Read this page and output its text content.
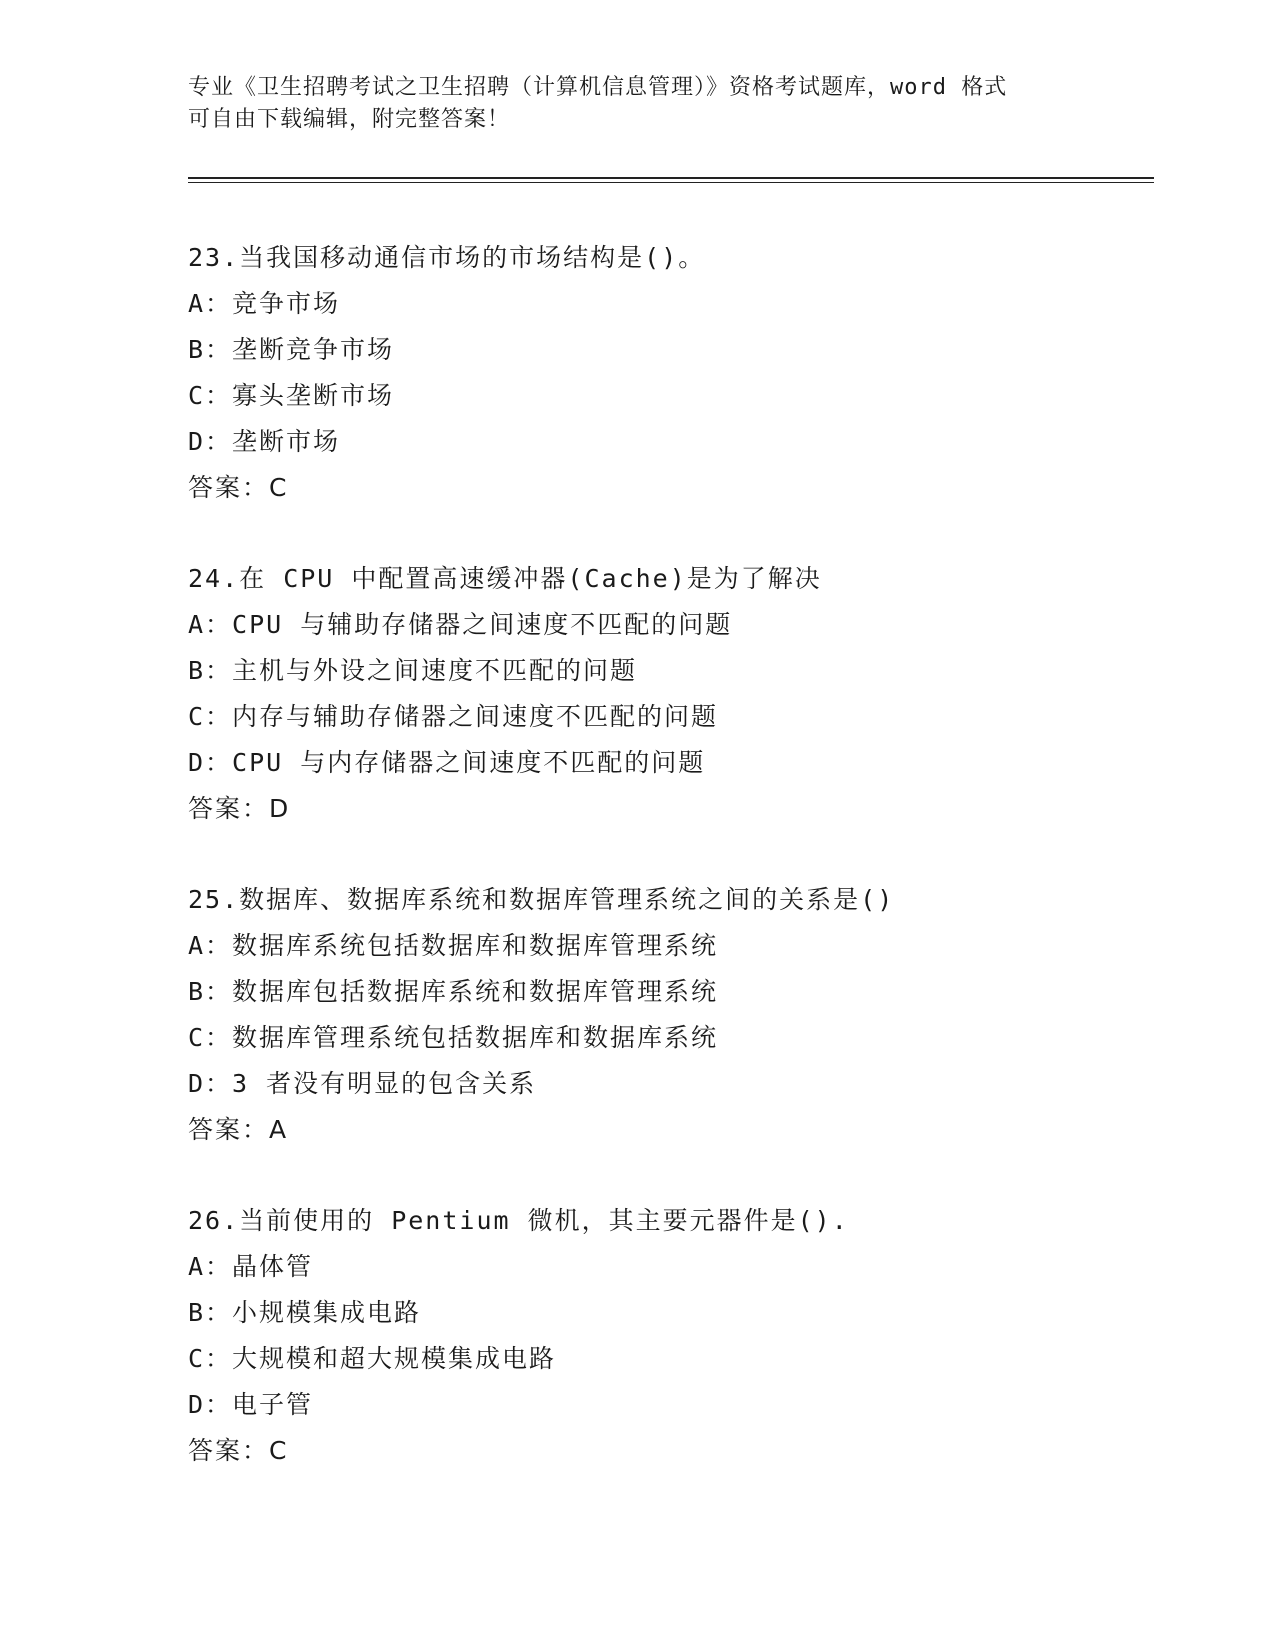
专业《卫生招聘考试之卫生招聘（计算机信息管理）》资格考试题库，word 格式
可自由下载编辑，附完整答案！
23.当我国移动通信市场的市场结构是()。
A：竞争市场
B：垄断竞争市场
C：寡头垄断市场
D：垄断市场
答案：C
24.在 CPU 中配置高速缓冲器(Cache)是为了解决
A：CPU 与辅助存储器之间速度不匹配的问题
B：主机与外设之间速度不匹配的问题
C：内存与辅助存储器之间速度不匹配的问题
D：CPU 与内存储器之间速度不匹配的问题
答案：D
25.数据库、数据库系统和数据库管理系统之间的关系是()
A：数据库系统包括数据库和数据库管理系统
B：数据库包括数据库系统和数据库管理系统
C：数据库管理系统包括数据库和数据库系统
D：3 者没有明显的包含关系
答案：A
26.当前使用的 Pentium 微机，其主要元器件是().
A：晶体管
B：小规模集成电路
C：大规模和超大规模集成电路
D：电子管
答案：C
